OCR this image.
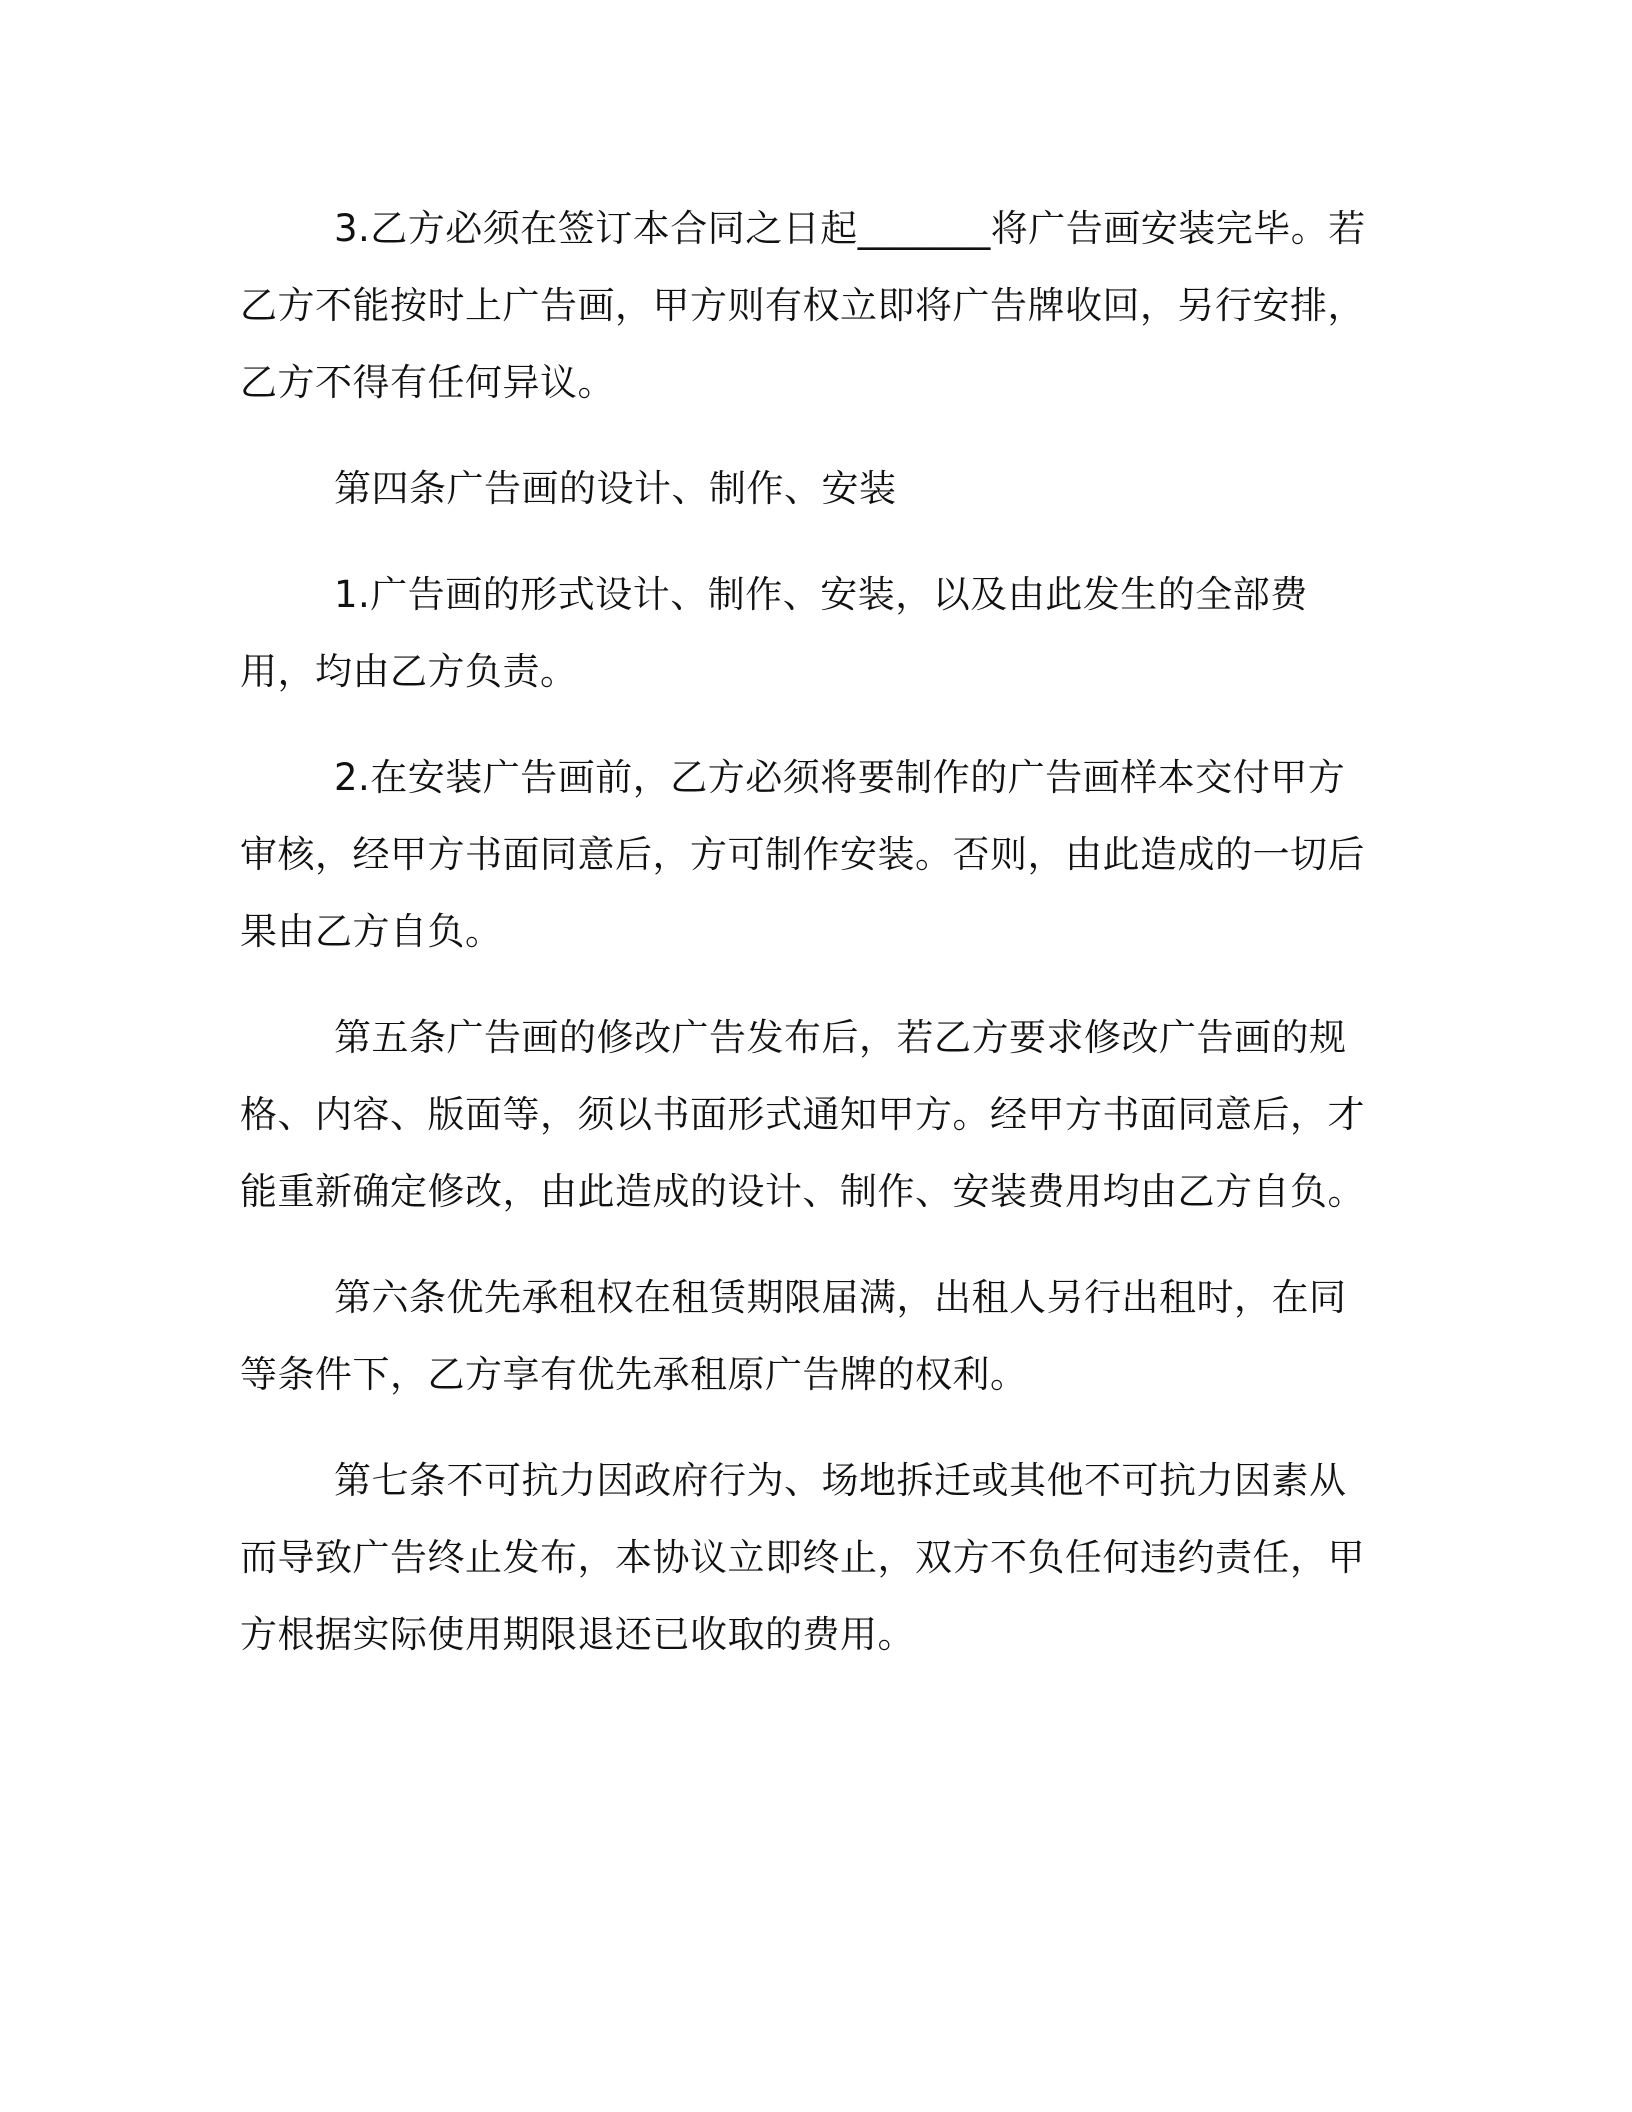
3.乙方必须在签订本合同之日起_______将广告画安装完毕。若乙方不能按时上广告画，甲方则有权立即将广告牌收回，另行安排，乙方不得有任何异议。

第四条广告画的设计、制作、安装

1.广告画的形式设计、制作、安装，以及由此发生的全部费用，均由乙方负责。

2.在安装广告画前，乙方必须将要制作的广告画样本交付甲方审核，经甲方书面同意后，方可制作安装。否则，由此造成的一切后果由乙方自负。

第五条广告画的修改广告发布后，若乙方要求修改广告画的规格、内容、版面等，须以书面形式通知甲方。经甲方书面同意后，才能重新确定修改，由此造成的设计、制作、安装费用均由乙方自负。

第六条优先承租权在租赁期限届满，出租人另行出租时，在同等条件下，乙方享有优先承租原广告牌的权利。

第七条不可抗力因政府行为、场地拆迁或其他不可抗力因素从而导致广告终止发布，本协议立即终止，双方不负任何违约责任，甲方根据实际使用期限退还已收取的费用。
